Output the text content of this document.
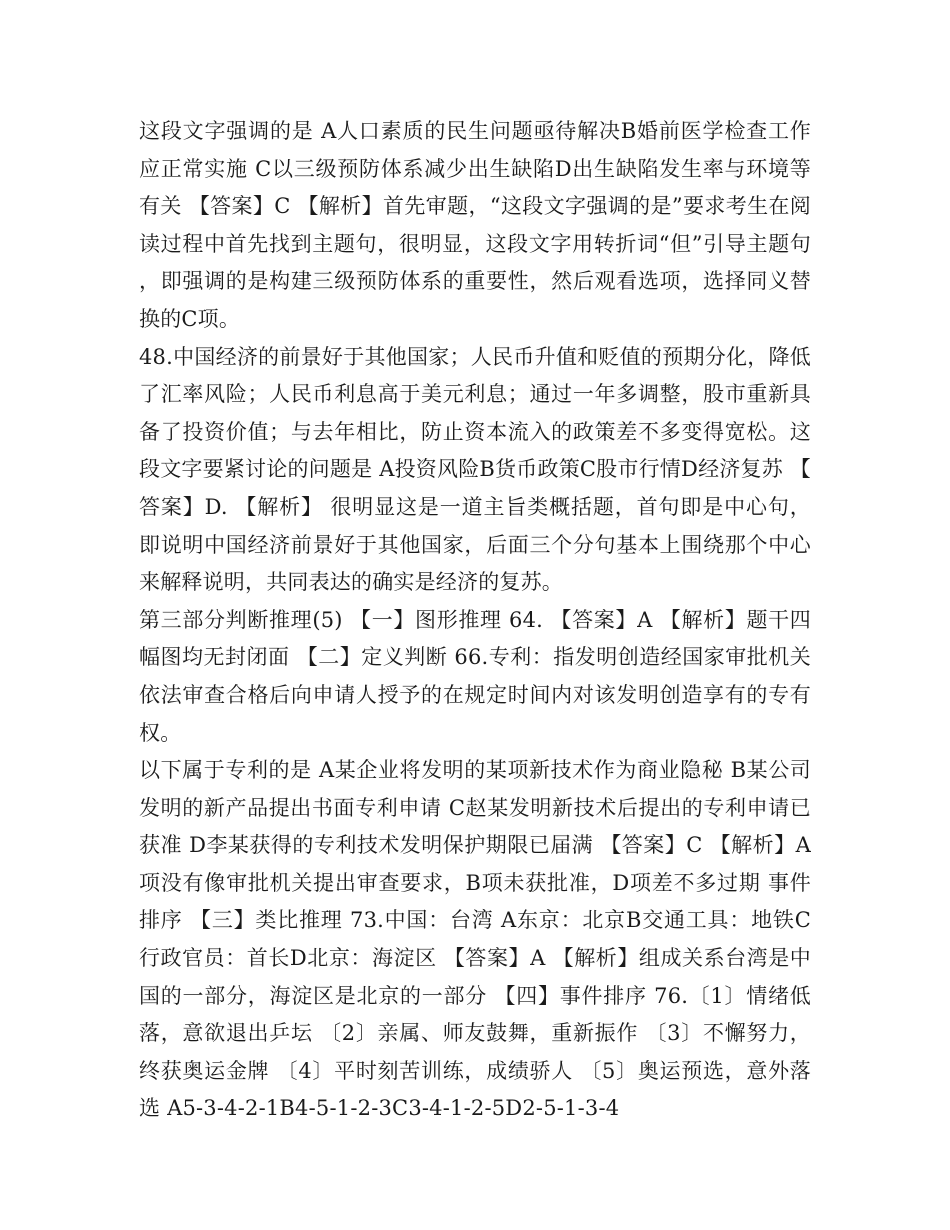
这段文字强调的是 A人口素质的民生问题亟待解决B婚前医学检查工作应正常实施 C以三级预防体系减少出生缺陷D出生缺陷发生率与环境等有关 【答案】C 【解析】首先审题，“这段文字强调的是”要求考生在阅读过程中首先找到主题句，很明显，这段文字用转折词“但”引导主题句，即强调的是构建三级预防体系的重要性，然后观看选项，选择同义替换的C项。

48.中国经济的前景好于其他国家；人民币升值和贬值的预期分化，降低了汇率风险；人民币利息高于美元利息；通过一年多调整，股市重新具备了投资价值；与去年相比，防止资本流入的政策差不多变得宽松。这段文字要紧讨论的问题是 A投资风险B货币政策C股市行情D经济复苏 【答案】D. 【解析】 很明显这是一道主旨类概括题，首句即是中心句，即说明中国经济前景好于其他国家，后面三个分句基本上围绕那个中心来解释说明，共同表达的确实是经济的复苏。

第三部分判断推理(5) 【一】图形推理 64. 【答案】A 【解析】题干四幅图均无封闭面 【二】定义判断 66.专利：指发明创造经国家审批机关依法审查合格后向申请人授予的在规定时间内对该发明创造享有的专有权。

以下属于专利的是 A某企业将发明的某项新技术作为商业隐秘 B某公司发明的新产品提出书面专利申请 C赵某发明新技术后提出的专利申请已获准 D李某获得的专利技术发明保护期限已届满 【答案】C 【解析】A项没有像审批机关提出审查要求，B项未获批准，D项差不多过期 事件排序 【三】类比推理 73.中国：台湾 A东京：北京B交通工具：地铁C行政官员：首长D北京：海淀区 【答案】A 【解析】组成关系台湾是中国的一部分，海淀区是北京的一部分 【四】事件排序 76.〔1〕情绪低落，意欲退出乒坛 〔2〕亲属、师友鼓舞，重新振作 〔3〕不懈努力，终获奥运金牌 〔4〕平时刻苦训练，成绩骄人 〔5〕奥运预选，意外落选 A5-3-4-2-1B4-5-1-2-3C3-4-1-2-5D2-5-1-3-4
